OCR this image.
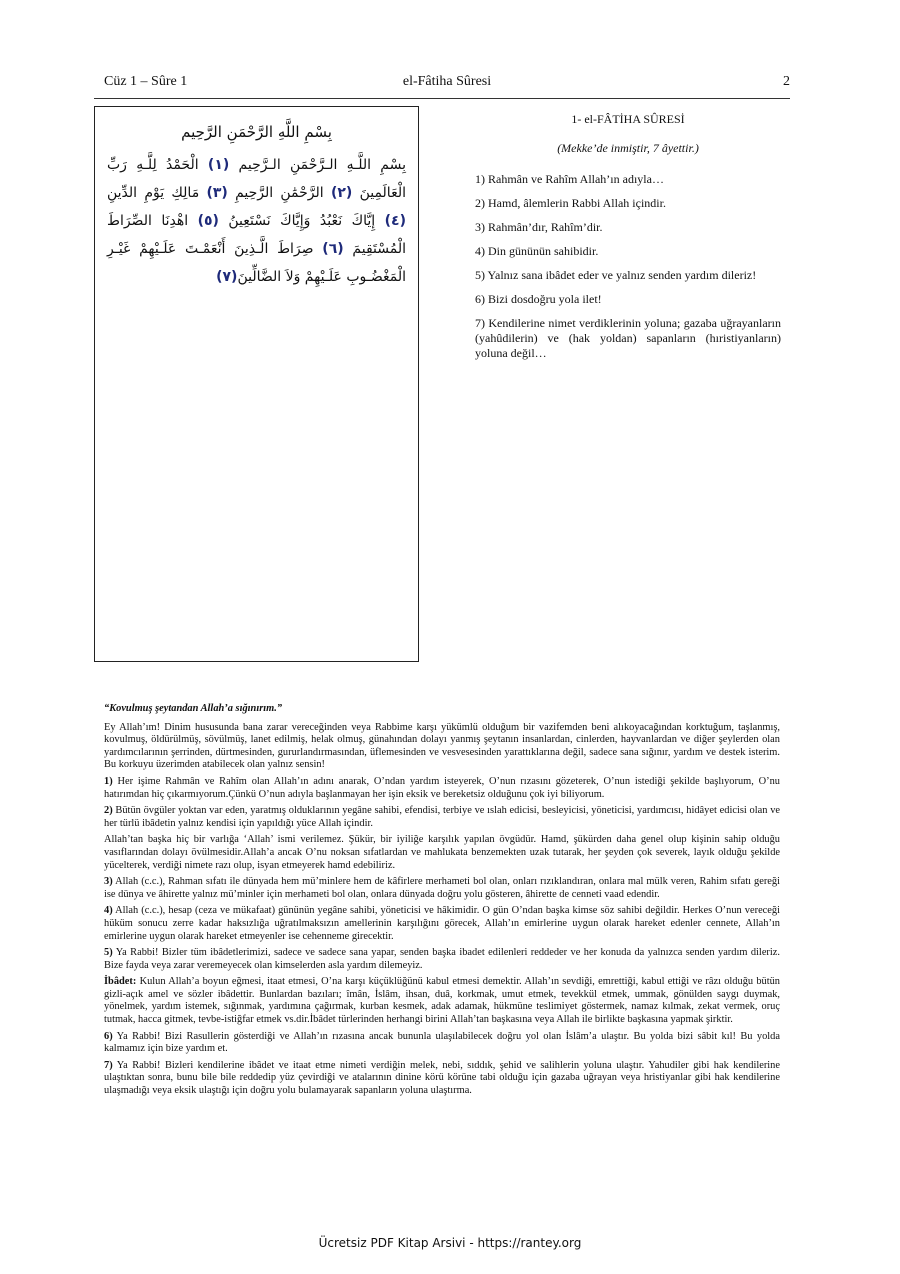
Cüz 1 – Sûre 1	el-Fâtiha Sûresi	2
بِسْمِ اللَّهِ الرَّحْمَنِ الرَّحِيم
بِسْمِ اللَّـهِ الـرَّحْمَنِ الـرَّحِيم (١) الْحَمْدُ لِلَّـهِ رَبِّ الْعَالَمِينَ (٢) الرَّحْمَٰنِ الرَّحِيمِ (٣) مَالِكِ يَوْمِ الدِّينِ (٤) إِيَّاكَ نَعْبُدُ وَإِيَّاكَ نَسْتَعِينُ (٥) اهْدِنَا الصِّرَاطَ الْمُسْتَقِيمَ (٦) صِرَاطَ الَّـذِينَ أَنْعَمْـتَ عَلَـيْهِمْ غَيْـرِ الْمَغْضُـوبِ عَلَـيْهِمْ وَلاَ الضَّالِّينَ(٧)
1- el-FÂTİHA SÛRESİ
(Mekke’de inmiştir, 7 âyettir.)
1) Rahmân ve Rahîm Allah’ın adıyla…
2) Hamd, âlemlerin Rabbi Allah içindir.
3) Rahmân’dır, Rahîm’dir.
4) Din gününün sahibidir.
5) Yalnız sana ibâdet eder ve yalnız senden yardım dileriz!
6) Bizi dosdoğru yola ilet!
7) Kendilerine nimet verdiklerinin yoluna; gazaba uğrayanların (yahûdilerin) ve (hak yoldan) sapanların (hıristiyanların) yoluna değil…

“Kovulmuş şeytandan Allah’a sığınırım.”

Ey Allah’ım! Dinim hususunda bana zarar vereceğinden veya Rabbime karşı yükümlü olduğum bir vazifemden beni alıkoyacağından korktuğum, taşlanmış, kovulmuş, öldürülmüş, sövülmüş, lanet edilmiş, helak olmuş, günahından dolayı yanmış şeytanın insanlardan, cinlerden, hayvanlardan ve diğer şeylerden olan yardımcılarının şerrinden, dürtmesinden, gururlandırmasından, üflemesinden ve vesvesesinden yarattıklarına değil, sadece sana sığınır, yardım ve destek isterim. Bu korkuyu üzerimden atabilecek olan yalnız sensin!

1) Her işime Rahmân ve Rahîm olan Allah’ın adını anarak, O’ndan yardım isteyerek, O’nun rızasını gözeterek, O’nun istediği şekilde başlıyorum, O’nu hatırımdan hiç çıkarmıyorum.Çünkü O’nun adıyla başlanmayan her işin eksik ve bereketsiz olduğunu çok iyi biliyorum.

2) Bütün övgüler yoktan var eden, yaratmış olduklarının yegâne sahibi, efendisi, terbiye ve ıslah edicisi, besleyicisi, yöneticisi, yardımcısı, hidâyet edicisi olan ve her türlü ibâdetin yalnız kendisi için yapıldığı yüce Allah içindir.

Allah’tan başka hiç bir varlığa ‘Allah’ ismi verilemez. Şükür, bir iyiliğe karşılık yapılan övgüdür. Hamd, şükürden daha genel olup kişinin sahip olduğu vasıflarından dolayı övülmesidir.Allah’a ancak O’nu noksan sıfatlardan ve mahlukata benzemekten uzak tutarak, her şeyden çok severek, layık olduğu şekilde yücelterek, verdiği nimete razı olup, isyan etmeyerek hamd edebiliriz.

3) Allah (c.c.), Rahman sıfatı ile dünyada hem mü’minlere hem de kâfirlere merhameti bol olan, onları rızıklandıran, onlara mal mülk veren, Rahim sıfatı gereği ise dünya ve âhirette yalnız mü’minler için merhameti bol olan, onlara dünyada doğru yolu gösteren, âhirette de cenneti vaad edendir.

4) Allah (c.c.), hesap (ceza ve mükafaat) gününün yegâne sahibi, yöneticisi ve hâkimidir. O gün O’ndan başka kimse söz sahibi değildir. Herkes O’nun vereceği hüküm sonucu zerre kadar haksızlığa uğratılmaksızın amellerinin karşılığını görecek, Allah’ın emirlerine uygun olarak hareket edenler cennete, Allah’ın emirlerine uygun olarak hareket etmeyenler ise cehenneme girecektir.

5) Ya Rabbi! Bizler tüm ibâdetlerimizi, sadece ve sadece sana yapar, senden başka ibadet edilenleri reddeder ve her konuda da yalnızca senden yardım dileriz. Bize fayda veya zarar veremeyecek olan kimselerden asla yardım dilemeyiz.

İbâdet: Kulun Allah’a boyun eğmesi, itaat etmesi, O’na karşı küçüklüğünü kabul etmesi demektir. Allah’ın sevdiği, emrettiği, kabul ettiği ve râzı olduğu bütün gizli-açık amel ve sözler ibâdettir. Bunlardan bazıları; îmân, İslâm, ihsan, duâ, korkmak, umut etmek, tevekkül etmek, ummak, gönülden saygı duymak, yönelmek, yardım istemek, sığınmak, yardımına çağırmak, kurban kesmek, adak adamak, hükmüne teslimiyet göstermek, namaz kılmak, zekat vermek, oruç tutmak, hacca gitmek, tevbe-istiğfar etmek vs.dir.İbâdet türlerinden herhangi birini Allah’tan başkasına veya Allah ile birlikte başkasına yapmak şirktir.

6) Ya Rabbi! Bizi Rasullerin gösterdiği ve Allah’ın rızasına ancak bununla ulaşılabilecek doğru yol olan İslâm’a ulaştır. Bu yolda bizi sâbit kıl! Bu yolda kalmamız için bize yardım et.

7) Ya Rabbi! Bizleri kendilerine ibâdet ve itaat etme nimeti verdiğin melek, nebi, sıddık, şehid ve salihlerin yoluna ulaştır. Yahudiler gibi hak kendilerine ulaştıktan sonra, bunu bile bile reddedip yüz çevirdiği ve atalarının dinine körü körüne tabi olduğu için gazaba uğrayan veya hristiyanlar gibi hak kendilerine ulaşmadığı veya eksik ulaştığı için doğru yolu bulamayarak sapanların yoluna ulaştırma.

Ücretsiz PDF Kitap Arsivi - https://rantey.org
